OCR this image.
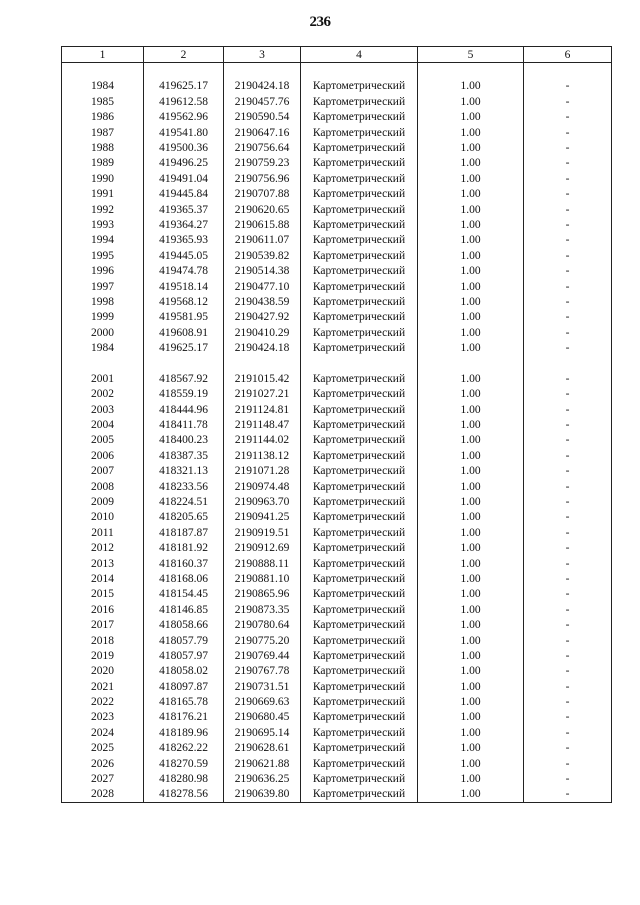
236
1	2	3	4	5	6

1984	419625.17	2190424.18	Картометрический	1.00	-
1985	419612.58	2190457.76	Картометрический	1.00	-
1986	419562.96	2190590.54	Картометрический	1.00	-
1987	419541.80	2190647.16	Картометрический	1.00	-
1988	419500.36	2190756.64	Картометрический	1.00	-
1989	419496.25	2190759.23	Картометрический	1.00	-
1990	419491.04	2190756.96	Картометрический	1.00	-
1991	419445.84	2190707.88	Картометрический	1.00	-
1992	419365.37	2190620.65	Картометрический	1.00	-
1993	419364.27	2190615.88	Картометрический	1.00	-
1994	419365.93	2190611.07	Картометрический	1.00	-
1995	419445.05	2190539.82	Картометрический	1.00	-
1996	419474.78	2190514.38	Картометрический	1.00	-
1997	419518.14	2190477.10	Картометрический	1.00	-
1998	419568.12	2190438.59	Картометрический	1.00	-
1999	419581.95	2190427.92	Картометрический	1.00	-
2000	419608.91	2190410.29	Картометрический	1.00	-
1984	419625.17	2190424.18	Картометрический	1.00	-

2001	418567.92	2191015.42	Картометрический	1.00	-
2002	418559.19	2191027.21	Картометрический	1.00	-
2003	418444.96	2191124.81	Картометрический	1.00	-
2004	418411.78	2191148.47	Картометрический	1.00	-
2005	418400.23	2191144.02	Картометрический	1.00	-
2006	418387.35	2191138.12	Картометрический	1.00	-
2007	418321.13	2191071.28	Картометрический	1.00	-
2008	418233.56	2190974.48	Картометрический	1.00	-
2009	418224.51	2190963.70	Картометрический	1.00	-
2010	418205.65	2190941.25	Картометрический	1.00	-
2011	418187.87	2190919.51	Картометрический	1.00	-
2012	418181.92	2190912.69	Картометрический	1.00	-
2013	418160.37	2190888.11	Картометрический	1.00	-
2014	418168.06	2190881.10	Картометрический	1.00	-
2015	418154.45	2190865.96	Картометрический	1.00	-
2016	418146.85	2190873.35	Картометрический	1.00	-
2017	418058.66	2190780.64	Картометрический	1.00	-
2018	418057.79	2190775.20	Картометрический	1.00	-
2019	418057.97	2190769.44	Картометрический	1.00	-
2020	418058.02	2190767.78	Картометрический	1.00	-
2021	418097.87	2190731.51	Картометрический	1.00	-
2022	418165.78	2190669.63	Картометрический	1.00	-
2023	418176.21	2190680.45	Картометрический	1.00	-
2024	418189.96	2190695.14	Картометрический	1.00	-
2025	418262.22	2190628.61	Картометрический	1.00	-
2026	418270.59	2190621.88	Картометрический	1.00	-
2027	418280.98	2190636.25	Картометрический	1.00	-
2028	418278.56	2190639.80	Картометрический	1.00	-
